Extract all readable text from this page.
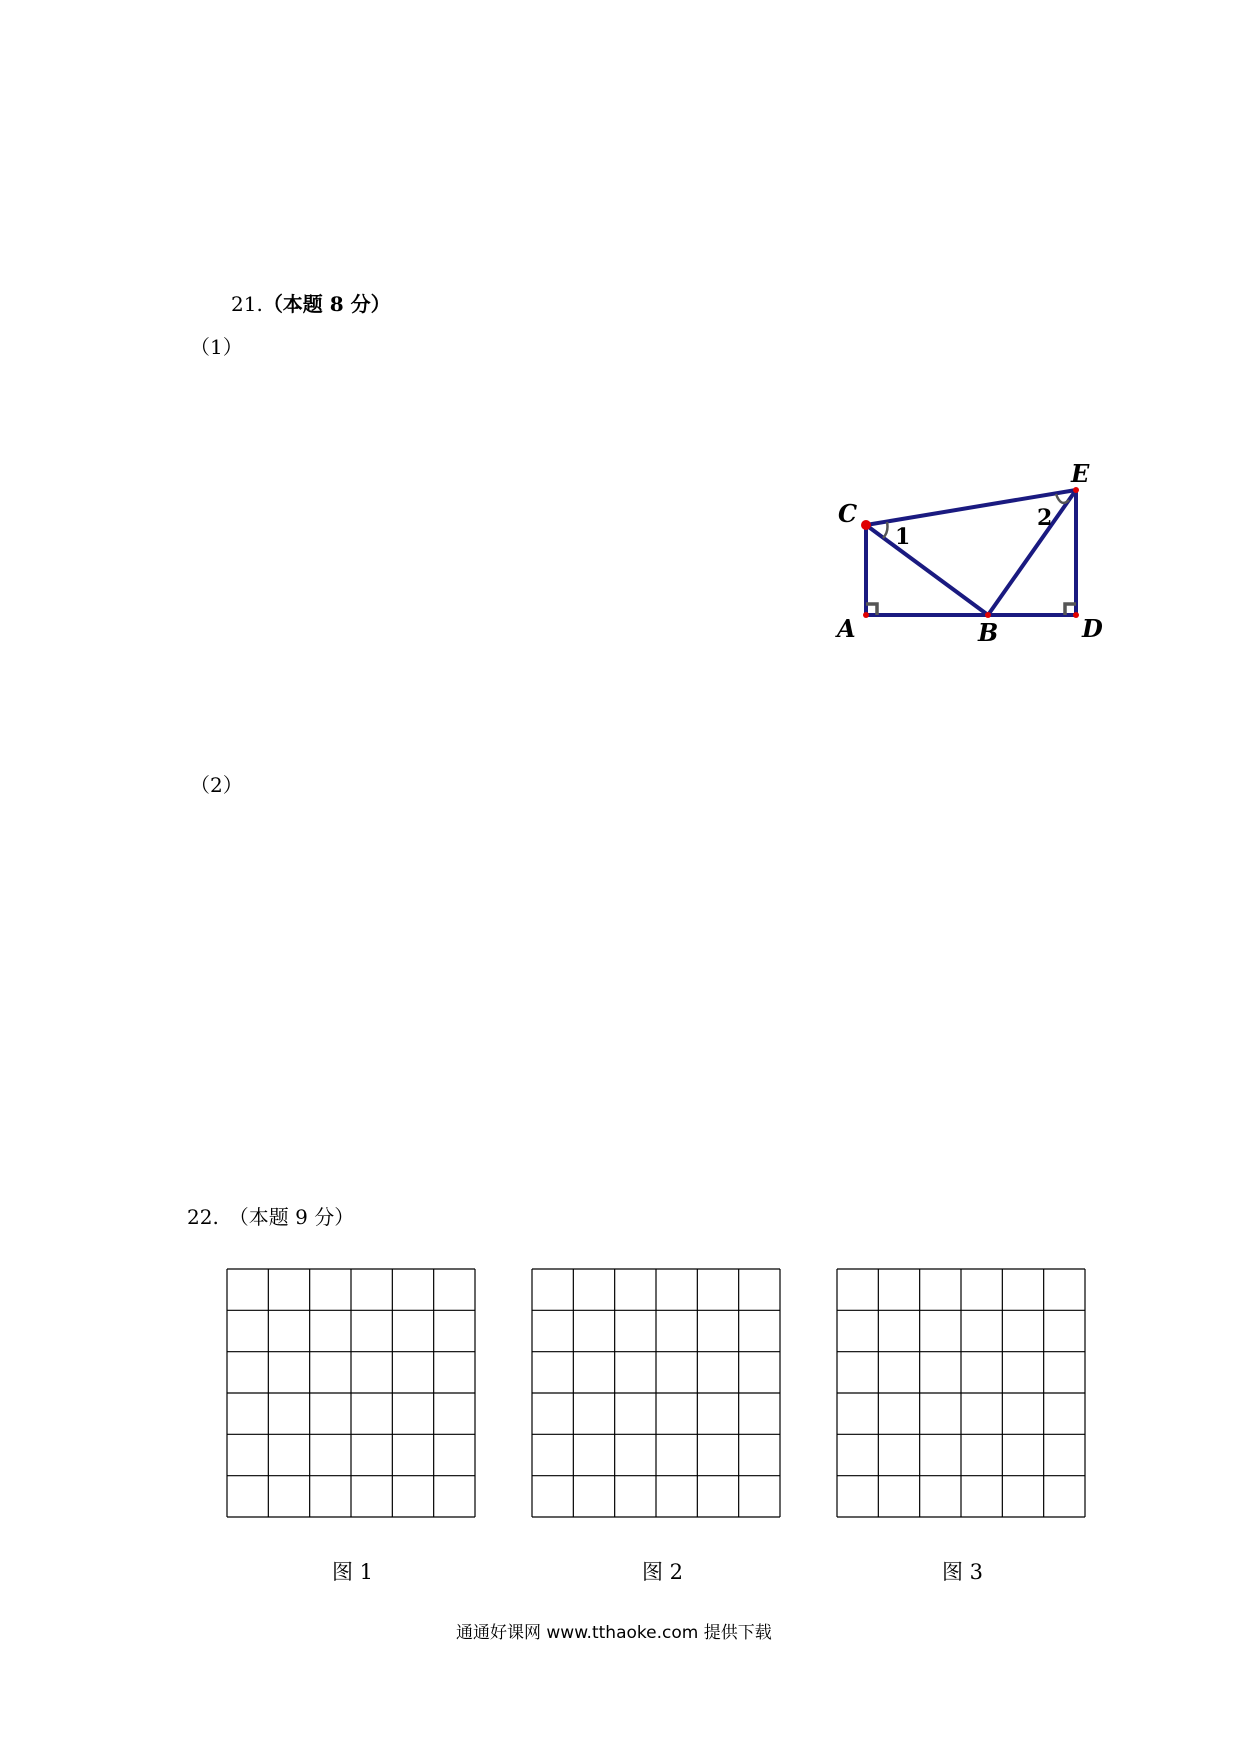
21.（本题 8 分）
（1）
C
E
A	B	D
1
2
（2）
22.　（本题 9 分）
图 1	图 2	图 3
通通好课网 www.tthaoke.com 提供下载
